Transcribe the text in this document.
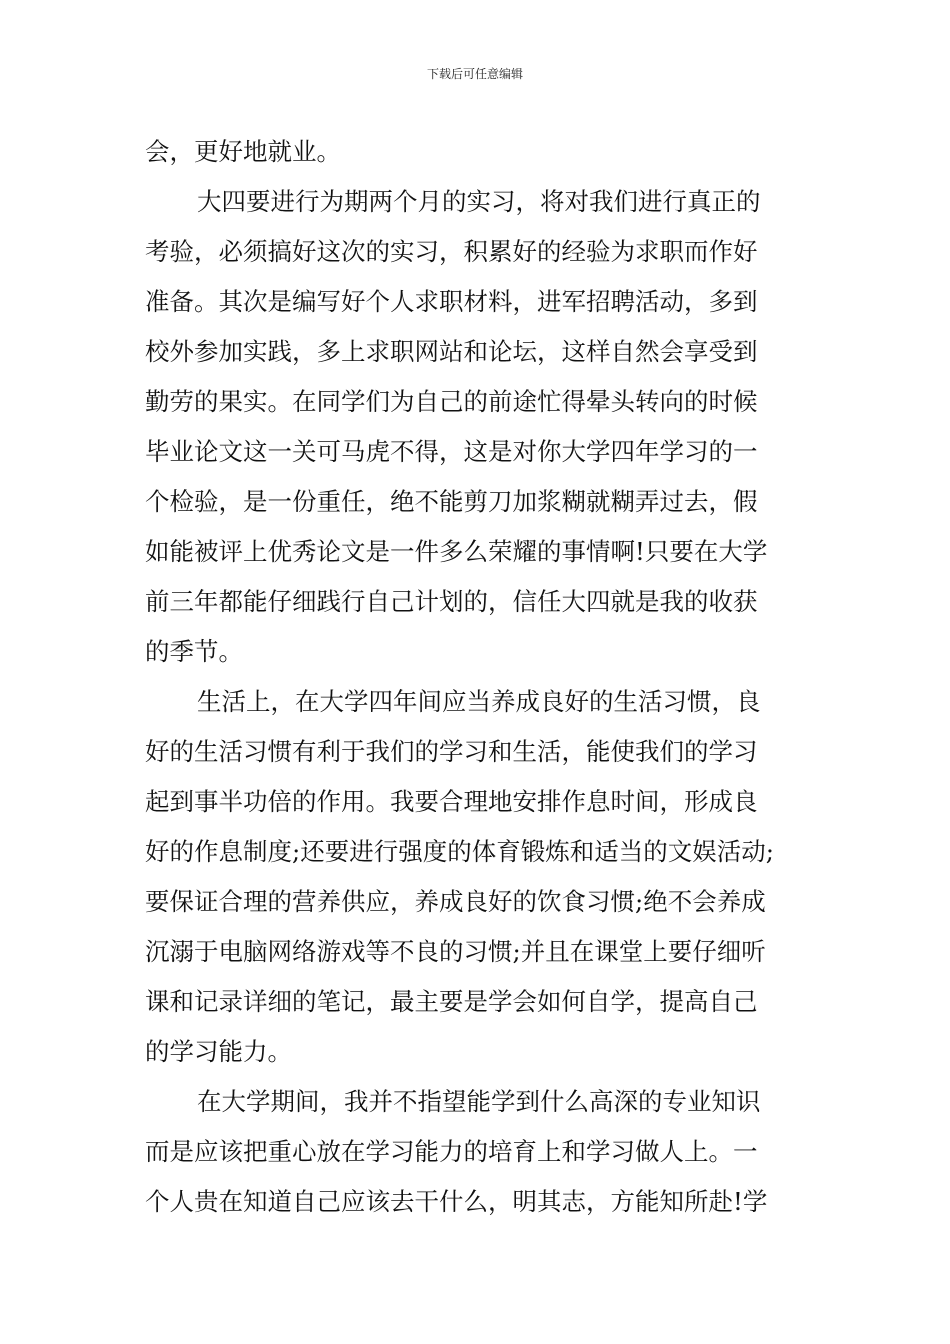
下载后可任意编辑
会，更好地就业。
大四要进行为期两个月的实习，将对我们进行真正的
考验，必须搞好这次的实习，积累好的经验为求职而作好
准备。其次是编写好个人求职材料，进军招聘活动，多到
校外参加实践，多上求职网站和论坛，这样自然会享受到
勤劳的果实。在同学们为自己的前途忙得晕头转向的时候
毕业论文这一关可马虎不得，这是对你大学四年学习的一
个检验，是一份重任，绝不能剪刀加浆糊就糊弄过去，假
如能被评上优秀论文是一件多么荣耀的事情啊!只要在大学
前三年都能仔细践行自己计划的，信任大四就是我的收获
的季节。
生活上，在大学四年间应当养成良好的生活习惯，良
好的生活习惯有利于我们的学习和生活，能使我们的学习
起到事半功倍的作用。我要合理地安排作息时间，形成良
好的作息制度;还要进行强度的体育锻炼和适当的文娱活动;
要保证合理的营养供应，养成良好的饮食习惯;绝不会养成
沉溺于电脑网络游戏等不良的习惯;并且在课堂上要仔细听
课和记录详细的笔记，最主要是学会如何自学，提高自己
的学习能力。
在大学期间，我并不指望能学到什么高深的专业知识
而是应该把重心放在学习能力的培育上和学习做人上。一
个人贵在知道自己应该去干什么，明其志，方能知所赴!学
